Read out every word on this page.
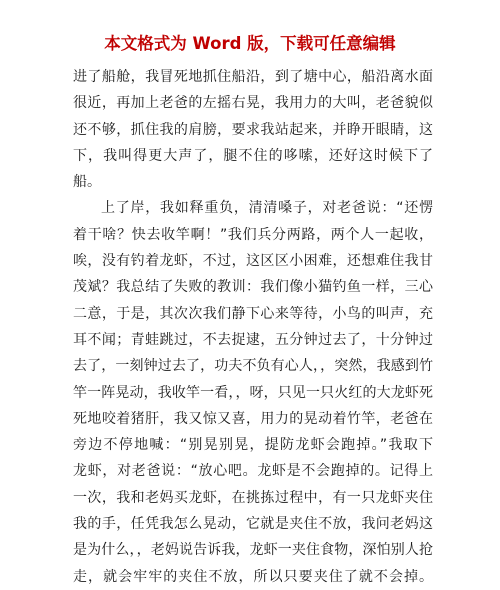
本文格式为 Word 版，下载可任意编辑
进了船舱，我冒死地抓住船沿，到了塘中心，船沿离水面
很近，再加上老爸的左摇右晃，我用力的大叫，老爸貌似
还不够，抓住我的肩膀，要求我站起来，并睁开眼睛，这
下，我叫得更大声了，腿不住的哆嗦，还好这时候下了
船。
上了岸，我如释重负，清清嗓子，对老爸说：“还愣
着干啥？快去收竿啊！”我们兵分两路，两个人一起收，
唉，没有钓着龙虾，不过，这区区小困难，还想难住我甘
茂斌？我总结了失败的教训：我们像小猫钓鱼一样，三心
二意，于是，其次次我们静下心来等待，小鸟的叫声，充
耳不闻；青蛙跳过，不去捉逮，五分钟过去了，十分钟过
去了，一刻钟过去了，功夫不负有心人，，突然，我感到竹
竿一阵晃动，我收竿一看，，呀，只见一只火红的大龙虾死
死地咬着猪肝，我又惊又喜，用力的晃动着竹竿，老爸在
旁边不停地喊：“别晃别晃，提防龙虾会跑掉。”我取下
龙虾，对老爸说：“放心吧。龙虾是不会跑掉的。记得上
一次，我和老妈买龙虾，在挑拣过程中，有一只龙虾夹住
我的手，任凭我怎么晃动，它就是夹住不放，我问老妈这
是为什么，，老妈说告诉我，龙虾一夹住食物，深怕别人抢
走，就会牢牢的夹住不放，所以只要夹住了就不会掉。
